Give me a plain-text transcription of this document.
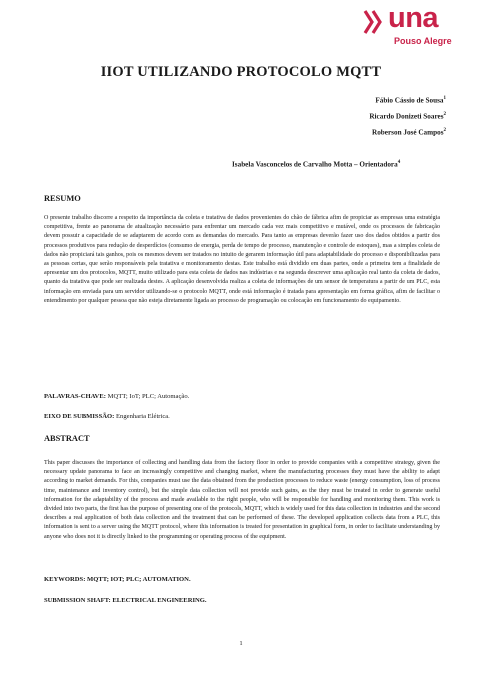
una
Pouso Alegre
IIOT UTILIZANDO PROTOCOLO MQTT
Fábio Cássio de Sousa$^1$
Ricardo Donizeti Soares$^2$
Roberson José Campos$^2$
Isabela Vasconcelos de Carvalho Motta – Orientadora$^4$
RESUMO

O presente trabalho discorre a respeito da importância da coleta e tratativa de dados provenientes do chão de fábrica afim de propiciar as empresas uma estratégia competitiva, frente ao panorama de atualização necessário para enfrentar um mercado cada vez mais competitivo e mutável, onde os processos de fabricação devem possuir a capacidade de se adaptarem de acordo com as demandas do mercado. Para tanto as empresas deverão fazer uso dos dados obtidos a partir dos processos produtivos para redução de desperdícios (consumo de energia, perda de tempo de processo, manutenção e controle de estoques), mas a simples coleta de dados não propiciará tais ganhos, pois os mesmos devem ser tratados no intuito de gerarem informação útil para adaptabilidade do processo e disponibilizadas para as pessoas certas, que serão responsáveis pela tratativa e monitoramento destas. Este trabalho está dividido em duas partes, onde a primeira tem a finalidade de apresentar um dos protocolos, MQTT, muito utilizado para esta coleta de dados nas indústrias e na segunda descrever uma aplicação real tanto da coleta de dados, quanto da tratativa que pode ser realizada destes. A aplicação desenvolvida realiza a coleta de informações de um sensor de temperatura a partir de um PLC, esta informação em enviada para um servidor utilizando-se o protocolo MQTT, onde está informação é tratada para apresentação em forma gráfica, afim de facilitar o entendimento por qualquer pessoa que não esteja diretamente ligada ao processo de programação ou colocação em funcionamento do equipamento.

PALAVRAS-CHAVE: MQTT; IoT; PLC; Automação.
EIXO DE SUBMISSÃO: Engenharia Elétrica.
ABSTRACT

This paper discusses the importance of collecting and handling data from the factory floor in order to provide companies with a competitive strategy, given the necessary update panorama to face an increasingly competitive and changing market, where the manufacturing processes they must have the ability to adapt according to market demands. For this, companies must use the data obtained from the production processes to reduce waste (energy consumption, loss of process time, maintenance and inventory control), but the simple data collection will not provide such gains, as the they must be treated in order to generate useful information for the adaptability of the process and made available to the right people, who will be responsible for handling and monitoring them. This work is divided into two parts, the first has the purpose of presenting one of the protocols, MQTT, which is widely used for this data collection in industries and the second describes a real application of both data collection and the treatment that can be performed of these. The developed application collects data from a PLC, this information is sent to a server using the MQTT protocol, where this information is treated for presentation in graphical form, in order to facilitate understanding by anyone who does not it is directly linked to the programming or operating process of the equipment.

KEYWORDS: MQTT; IOT; PLC; AUTOMATION.
SUBMISSION SHAFT: ELECTRICAL ENGINEERING.
1
